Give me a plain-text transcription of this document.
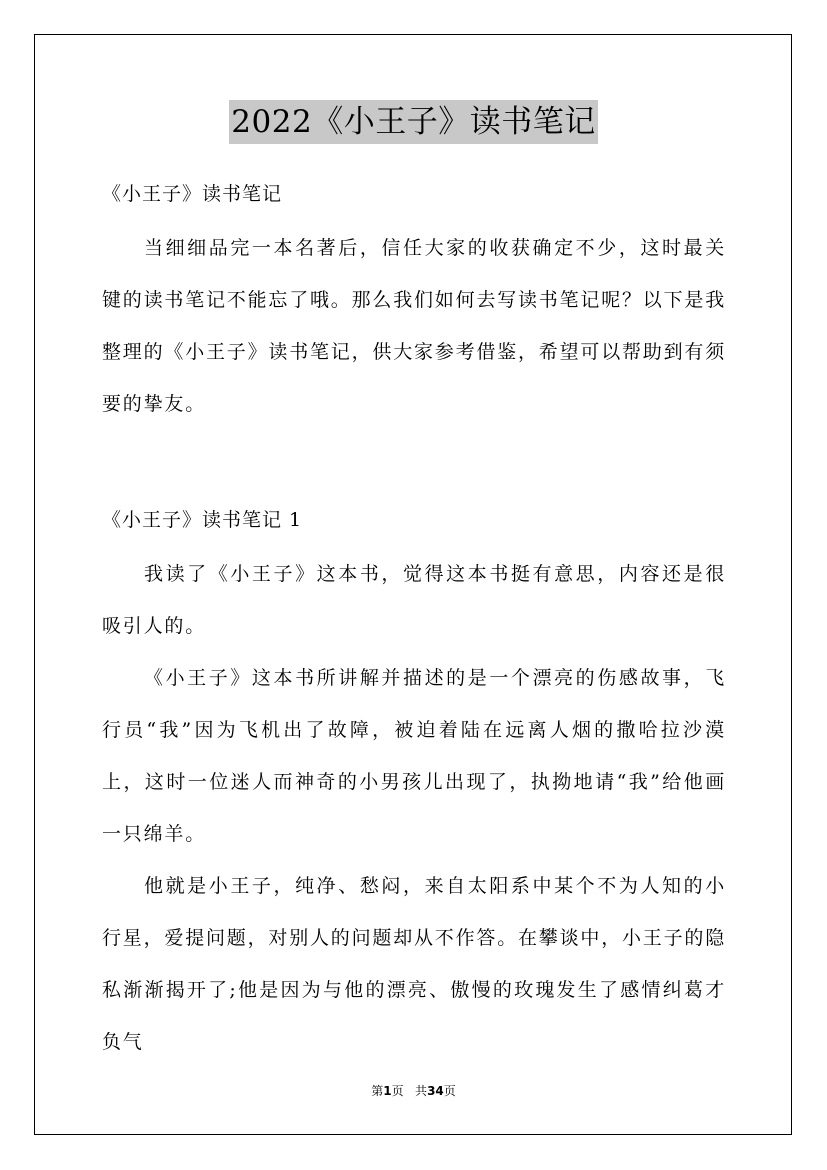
2022《小王子》读书笔记
《小王子》读书笔记

当细细品完一本名著后，信任大家的收获确定不少，这时最关键的读书笔记不能忘了哦。那么我们如何去写读书笔记呢？以下是我整理的《小王子》读书笔记，供大家参考借鉴，希望可以帮助到有须要的挚友。

《小王子》读书笔记 1

我读了《小王子》这本书，觉得这本书挺有意思，内容还是很吸引人的。

《小王子》这本书所讲解并描述的是一个漂亮的伤感故事，飞行员“我”因为飞机出了故障，被迫着陆在远离人烟的撒哈拉沙漠上，这时一位迷人而神奇的小男孩儿出现了，执拗地请“我”给他画一只绵羊。

他就是小王子，纯净、愁闷，来自太阳系中某个不为人知的小行星，爱提问题，对别人的问题却从不作答。在攀谈中，小王子的隐私渐渐揭开了;他是因为与他的漂亮、傲慢的玫瑰发生了感情纠葛才负气

第1页 共34页
